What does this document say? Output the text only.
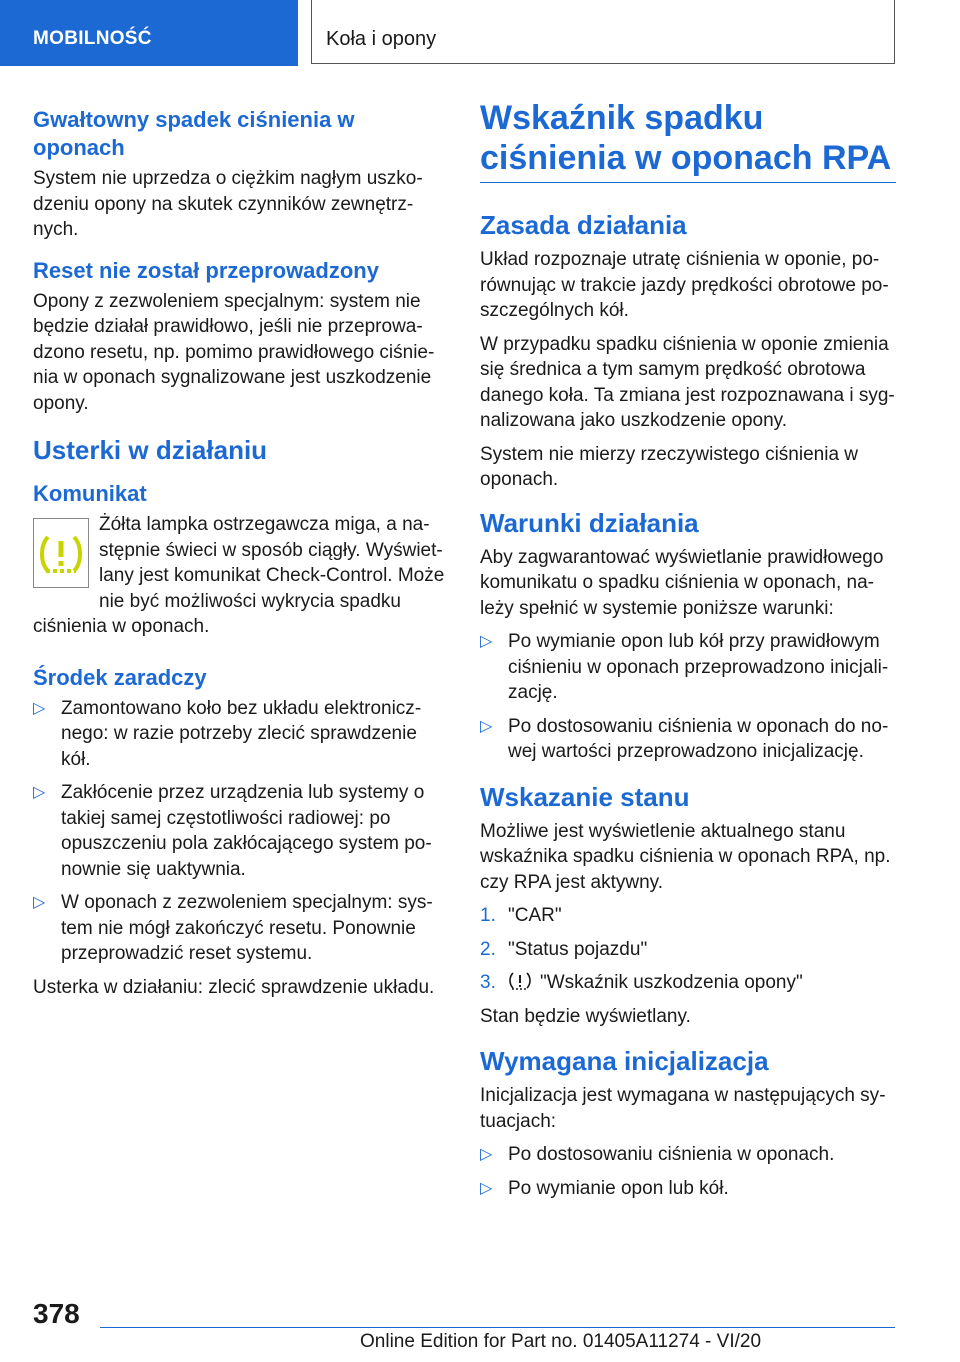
MOBILNOŚĆ	Koła i opony
Gwałtowny spadek ciśnienia w oponach

System nie uprzedza o ciężkim nagłym uszkodzeniu opony na skutek czynników zewnętrznych.

Reset nie został przeprowadzony

Opony z zezwoleniem specjalnym: system nie będzie działał prawidłowo, jeśli nie przeprowadzono resetu, np. pomimo prawidłowego ciśnienia w oponach sygnalizowane jest uszkodzenie opony.

Usterki w działaniu
Komunikat

Żółta lampka ostrzegawcza miga, a następnie świeci w sposób ciągły. Wyświetlany jest komunikat Check-Control. Może nie być możliwości wykrycia spadku ciśnienia w oponach.

Środek zaradczy
▷ Zamontowano koło bez układu elektronicznego: w razie potrzeby zlecić sprawdzenie kół.
▷ Zakłócenie przez urządzenia lub systemy o takiej samej częstotliwości radiowej: po opuszczeniu pola zakłócającego system ponownie się uaktywnia.
▷ W oponach z zezwoleniem specjalnym: system nie mógł zakończyć resetu. Ponownie przeprowadzić reset systemu.

Usterka w działaniu: zlecić sprawdzenie układu.

Wskaźnik spadku ciśnienia w oponach RPA
Zasada działania

Układ rozpoznaje utratę ciśnienia w oponie, porównując w trakcie jazdy prędkości obrotowe poszczególnych kół.

W przypadku spadku ciśnienia w oponie zmienia się średnica a tym samym prędkość obrotowa danego koła. Ta zmiana jest rozpoznawana i sygnalizowana jako uszkodzenie opony.

System nie mierzy rzeczywistego ciśnienia w oponach.

Warunki działania

Aby zagwarantować wyświetlanie prawidłowego komunikatu o spadku ciśnienia w oponach, należy spełnić w systemie poniższe warunki:

▷ Po wymianie opon lub kół przy prawidłowym ciśnieniu w oponach przeprowadzono inicjalizację.
▷ Po dostosowaniu ciśnienia w oponach do nowej wartości przeprowadzono inicjalizację.
Wskazanie stanu

Możliwe jest wyświetlenie aktualnego stanu wskaźnika spadku ciśnienia w oponach RPA, np. czy RPA jest aktywny.

1. "CAR"
2. "Status pojazdu"
3.	"Wskaźnik uszkodzenia opony"

Stan będzie wyświetlany.

Wymagana inicjalizacja

Inicjalizacja jest wymagana w następujących sytuacjach:

▷ Po dostosowaniu ciśnienia w oponach.
▷ Po wymianie opon lub kół.
378
Online Edition for Part no. 01405A11274 - VI/20
